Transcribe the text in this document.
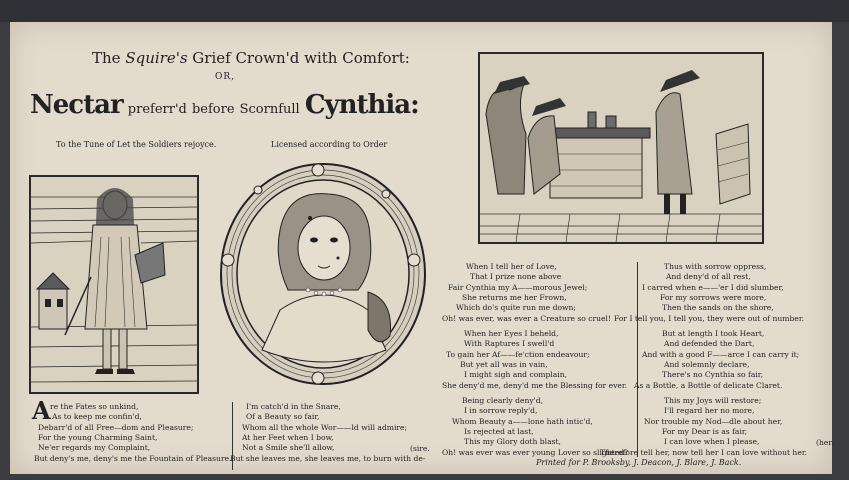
The Squire's Grief Crown'd with Comfort:
OR,
Nectar preferr'd before Scornfull Cynthia:
To the Tune of Let the Soldiers rejoyce.	Licensed according to Order
A re the Fates so unkind,
As to keep me confin'd,
Debarr'd of all Free—dom and Pleasure;
For the young Charming Saint,
Ne'er regards my Complaint,
But deny's me, deny's me the Fountain of Pleasure.
I'm catch'd in the Snare,
Of a Beauty so fair,
Whom all the whole Wor——ld will admire;
At her Feet when I bow,
Not a Smile she'll allow,
But she leaves me, she leaves me, to burn with de-
(sire.
When I tell her of Love,
That I prize none above
Fair Cynthia my A——morous Jewel;
She returns me her Frown,
Which do's quite run me down;
Oh! was ever, was ever a Creature so cruel!
When her Eyes I beheld,
With Raptures I swell'd
To gain her Af——fe'ction endeavour;
But yet all was in vain,
I might sigh and complain,
She deny'd me, deny'd me the Blessing for ever.
Being clearly deny'd,
I in sorrow reply'd,
Whom Beauty a——lone hath intic'd,
Is rejected at last,
This my Glory doth blast,
Oh! was ever was ever young Lover so slighted?
Thus with sorrow oppress,
And deny'd of all rest,
I carred when e——'er I did slumber,
For my sorrows were more,
Then the sands on the shore,
For I tell you, I tell you, they were out of number.
But at length I took Heart,
And defended the Dart,
And with a good F——arce I can carry it;
And solemnly declare,
There's no Cynthia so fair,
As a Bottle, a Bottle of delicate Claret.
This my Joys will restore;
I'll regard her no more,
Nor trouble my Nod—dle about her,
For my Dear is as fair,
I can love when I please,
Therefore tell her, now tell her I can love without her.
(her.
Printed for P. Brooksby, J. Deacon, J. Blare, J. Back.
